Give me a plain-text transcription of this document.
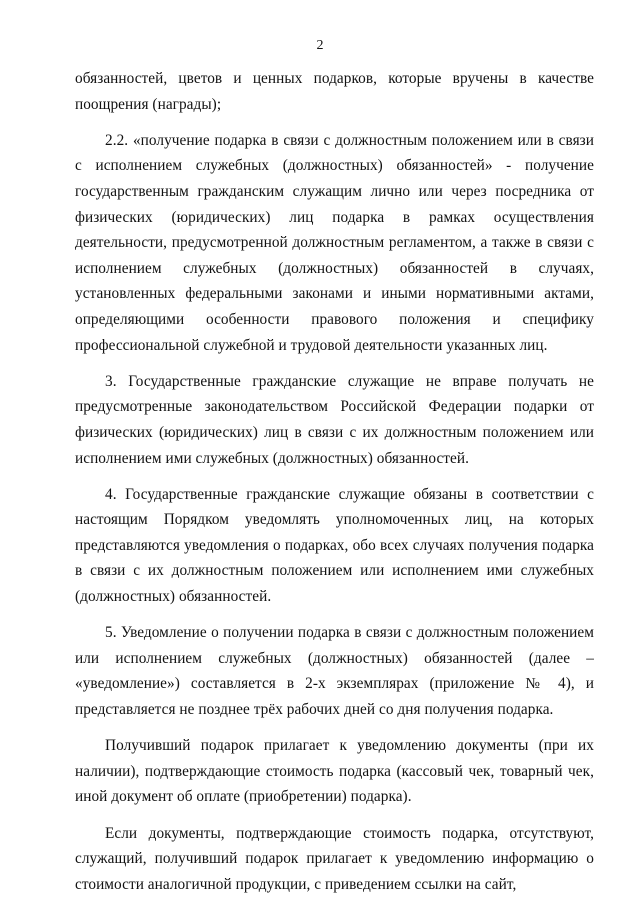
2

обязанностей, цветов и ценных подарков, которые вручены в качестве поощрения (награды);

2.2. «получение подарка в связи с должностным положением или в связи с исполнением служебных (должностных) обязанностей» - получение государственным гражданским служащим лично или через посредника от физических (юридических) лиц подарка в рамках осуществления деятельности, предусмотренной должностным регламентом, а также в связи с исполнением служебных (должностных) обязанностей в случаях, установленных федеральными законами и иными нормативными актами, определяющими особенности правового положения и специфику профессиональной служебной и трудовой деятельности указанных лиц.

3. Государственные гражданские служащие не вправе получать не предусмотренные законодательством Российской Федерации подарки от физических (юридических) лиц в связи с их должностным положением или исполнением ими служебных (должностных) обязанностей.

4. Государственные гражданские служащие обязаны в соответствии с настоящим Порядком уведомлять уполномоченных лиц, на которых представляются уведомления о подарках, обо всех случаях получения подарка в связи с их должностным положением или исполнением ими служебных (должностных) обязанностей.

5. Уведомление о получении подарка в связи с должностным положением или исполнением служебных (должностных) обязанностей (далее – «уведомление») составляется в 2-х экземплярах (приложение № 4), и представляется не позднее трёх рабочих дней со дня получения подарка.

Получивший подарок прилагает к уведомлению документы (при их наличии), подтверждающие стоимость подарка (кассовый чек, товарный чек, иной документ об оплате (приобретении) подарка).

Если документы, подтверждающие стоимость подарка, отсутствуют, служащий, получивший подарок прилагает к уведомлению информацию о стоимости аналогичной продукции, с приведением ссылки на сайт,
